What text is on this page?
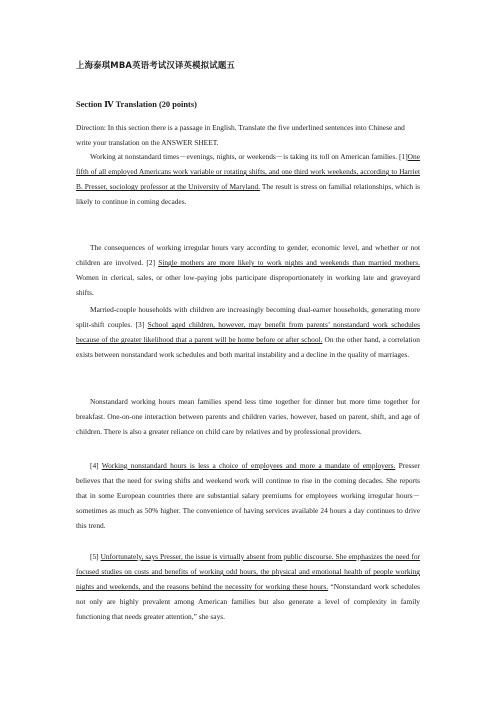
上海泰琪MBA英语考试汉译英模拟试题五
Section Ⅳ Translation (20 points)
Direction: In this section there is a passage in English. Translate the five underlined sentences into Chinese and write your translation on the ANSWER SHEET.
Working at nonstandard times－evenings, nights, or weekends－is taking its toll on American families. [1]One fifth of all employed Americans work variable or rotating shifts, and one third work weekends, according to Harriet B. Presser, sociology professor at the University of Maryland. The result is stress on familial relationships, which is likely to continue in coming decades.
The consequences of working irregular hours vary according to gender, economic level, and whether or not children are involved. [2] Single mothers are more likely to work nights and weekends than married mothers. Women in clerical, sales, or other low-paying jobs participate disproportionately in working late and graveyard shifts.
Married-couple households with children are increasingly becoming dual-earner households, generating more split-shift couples. [3] School aged children, however, may benefit from parents’ nonstandard work schedules because of the greater likelihood that a parent will be home before or after school. On the other hand, a correlation exists between nonstandard work schedules and both marital instability and a decline in the quality of marriages.
Nonstandard working hours mean families spend less time together for dinner but more time together for breakfast. One-on-one interaction between parents and children varies, however, based on parent, shift, and age of children. There is also a greater reliance on child care by relatives and by professional providers.
[4] Working nonstandard hours is less a choice of employees and more a mandate of employers. Presser believes that the need for swing shifts and weekend work will continue to rise in the coming decades. She reports that in some European countries there are substantial salary premiums for employees working irregular hours－sometimes as much as 50% higher. The convenience of having services available 24 hours a day continues to drive this trend.
[5] Unfortunately, says Presser, the issue is virtually absent from public discourse. She emphasizes the need for focused studies on costs and benefits of working odd hours, the physical and emotional health of people working nights and weekends, and the reasons behind the necessity for working these hours. “Nonstandard work schedules not only are highly prevalent among American families but also generate a level of complexity in family functioning that needs greater attention,” she says.
